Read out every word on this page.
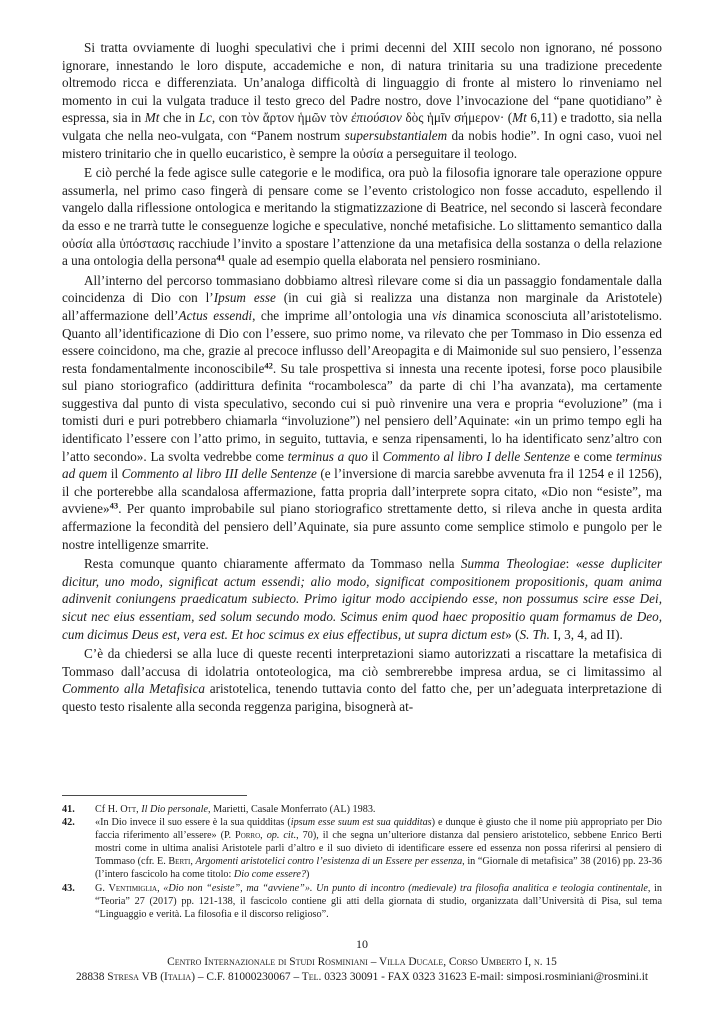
Si tratta ovviamente di luoghi speculativi che i primi decenni del XIII secolo non ignorano, né possono ignorare, innestando le loro dispute, accademiche e non, di natura trinitaria su una tradizione precedente oltremodo ricca e differenziata. Un’analoga difficoltà di linguaggio di fronte al mistero lo rinveniamo nel momento in cui la vulgata traduce il testo greco del Padre nostro, dove l’invocazione del “pane quotidiano” è espressa, sia in Mt che in Lc, con τὸν ἄρτον ἡμῶν τὸν ἐπιούσιον δὸς ἡμῖν σήμερον· (Mt 6,11) e tradotto, sia nella vulgata che nella neo-vulgata, con “Panem nostrum supersubstantialem da nobis hodie”. In ogni caso, vuoi nel mistero trinitario che in quello eucaristico, è sempre la οὐσία a perseguitare il teologo.

E ciò perché la fede agisce sulle categorie e le modifica, ora può la filosofia ignorare tale operazione oppure assumerla, nel primo caso fingerà di pensare come se l’evento cristologico non fosse accaduto, espellendo il vangelo dalla riflessione ontologica e meritando la stigmatizzazione di Beatrice, nel secondo si lascerà fecondare da esso e ne trarrà tutte le conseguenze logiche e speculative, nonché metafisiche. Lo slittamento semantico dalla οὐσία alla ὑπόστασις racchiude l’invito a spostare l’attenzione da una metafisica della sostanza o della relazione a una ontologia della persona$^{41}$ quale ad esempio quella elaborata nel pensiero rosminiano.

All’interno del percorso tommasiano dobbiamo altresì rilevare come si dia un passaggio fondamentale dalla coincidenza di Dio con l’Ipsum esse (in cui già si realizza una distanza non marginale da Aristotele) all’affermazione dell’Actus essendi, che imprime all’ontologia una vis dinamica sconosciuta all’aristotelismo. Quanto all’identificazione di Dio con l’essere, suo primo nome, va rilevato che per Tommaso in Dio essenza ed essere coincidono, ma che, grazie al precoce influsso dell’Areopagita e di Maimonide sul suo pensiero, l’essenza resta fondamentalmente inconoscibile$^{42}$. Su tale prospettiva si innesta una recente ipotesi, forse poco plausibile sul piano storiografico (addirittura definita “rocambolesca” da parte di chi l’ha avanzata), ma certamente suggestiva dal punto di vista speculativo, secondo cui si può rinvenire una vera e propria “evoluzione” (ma i tomisti duri e puri potrebbero chiamarla “involuzione”) nel pensiero dell’Aquinate: «in un primo tempo egli ha identificato l’essere con l’atto primo, in seguito, tuttavia, e senza ripensamenti, lo ha identificato senz’altro con l’atto secondo». La svolta vedrebbe come terminus a quo il Commento al libro I delle Sentenze e come terminus ad quem il Commento al libro III delle Sentenze (e l’inversione di marcia sarebbe avvenuta fra il 1254 e il 1256), il che porterebbe alla scandalosa affermazione, fatta propria dall’interprete sopra citato, «Dio non “esiste”, ma avviene»$^{43}$. Per quanto improbabile sul piano storiografico strettamente detto, si rileva anche in questa ardita affermazione la fecondità del pensiero dell’Aquinate, sia pure assunto come semplice stimolo e pungolo per le nostre intelligenze smarrite.

Resta comunque quanto chiaramente affermato da Tommaso nella Summa Theologiae: «esse dupliciter dicitur, uno modo, significat actum essendi; alio modo, significat compositionem propositionis, quam anima adinvenit coniungens praedicatum subiecto. Primo igitur modo accipiendo esse, non possumus scire esse Dei, sicut nec eius essentiam, sed solum secundo modo. Scimus enim quod haec propositio quam formamus de Deo, cum dicimus Deus est, vera est. Et hoc scimus ex eius effectibus, ut supra dictum est» (S. Th. I, 3, 4, ad II).

C’è da chiedersi se alla luce di queste recenti interpretazioni siamo autorizzati a riscattare la metafisica di Tommaso dall’accusa di idolatria ontoteologica, ma ciò sembrerebbe impresa ardua, se ci limitassimo al Commento alla Metafisica aristotelica, tenendo tuttavia conto del fatto che, per un’adeguata interpretazione di questo testo risalente alla seconda reggenza parigina, bisognerà at-

41.	Cf H. Ott, Il Dio personale, Marietti, Casale Monferrato (AL) 1983.
42.	«In Dio invece il suo essere è la sua quidditas (ipsum esse suum est sua quidditas) e dunque è giusto che il nome più appropriato per Dio faccia riferimento all’essere» (P. Porro, op. cit., 70), il che segna un’ulteriore distanza dal pensiero aristotelico, sebbene Enrico Berti mostri come in ultima analisi Aristotele parli d’altro e il suo divieto di identificare essere ed essenza non possa riferirsi al pensiero di Tommaso (cfr. E. Berti, Argomenti aristotelici contro l’esistenza di un Essere per essenza, in “Giornale di metafisica” 38 (2016) pp. 23-36 (l’intero fascicolo ha come titolo: Dio come essere?)
43.	G. Ventimiglia, «Dio non “esiste”, ma “avviene”». Un punto di incontro (medievale) tra filosofia analitica e teologia continentale, in “Teoria” 27 (2017) pp. 121-138, il fascicolo contiene gli atti della giornata di studio, organizzata dall’Università di Pisa, sul tema “Linguaggio e verità. La filosofia e il discorso religioso”.
10
Centro Internazionale di Studi Rosminiani – Villa Ducale, Corso Umberto I, n. 15
28838 Stresa VB (Italia) – C.F. 81000230067 – Tel. 0323 30091 - FAX 0323 31623 E-mail: simposi.rosminiani@rosmini.it
